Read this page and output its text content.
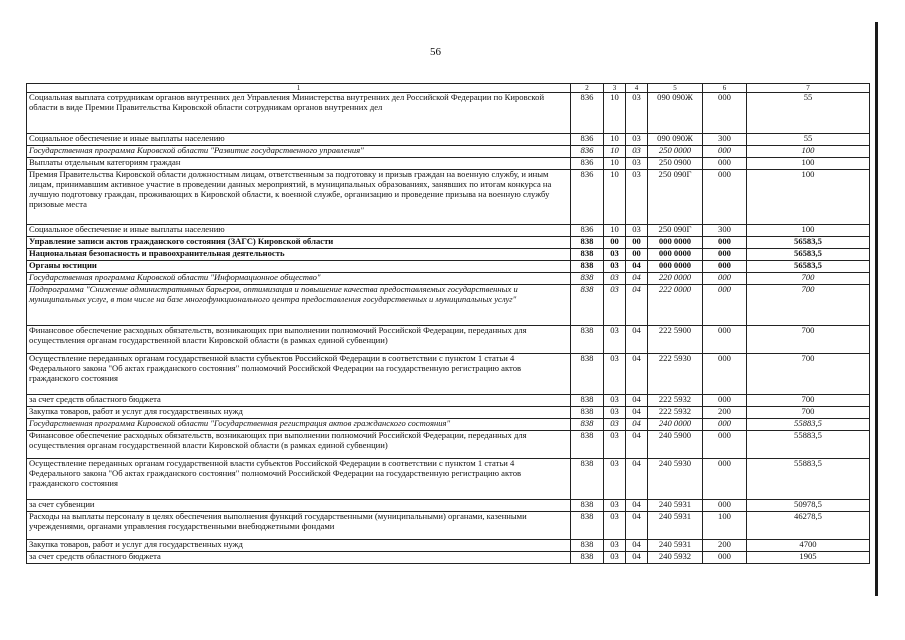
56
1	2	3	4	5	6	7
Социальная выплата сотрудникам органов внутренних дел Управления Министерства внутренних дел Российской Федерации по Кировской области в виде Премии Правительства Кировской области сотрудникам органов внутренних дел	836	10	03	090 090Ж	000	55
Социальное обеспечение и иные выплаты населению	836	10	03	090 090Ж	300	55
Государственная программа Кировской области "Развитие государственного управления"	836	10	03	250 0000	000	100
Выплаты отдельным категориям граждан	836	10	03	250 0900	000	100
Премия Правительства Кировской области должностным лицам, ответственным за подготовку и призыв граждан на военную службу, и иным лицам, принимавшим активное участие в проведении данных мероприятий, в муниципальных образованиях, занявших по итогам конкурса на лучшую подготовку граждан, проживающих в Кировской области, к военной службе, организацию и проведение призыва на военную службу призовые места	836	10	03	250 090Г	000	100
Социальное обеспечение и иные выплаты населению	836	10	03	250 090Г	300	100
Управление записи актов гражданского состояния (ЗАГС) Кировской области	838	00	00	000 0000	000	56583,5
Национальная безопасность и правоохранительная деятельность	838	03	00	000 0000	000	56583,5
Органы юстиции	838	03	04	000 0000	000	56583,5
Государственная программа Кировской области "Информационное общество"	838	03	04	220 0000	000	700
Подпрограмма "Снижение административных барьеров, оптимизация и повышение качества предоставляемых государственных и муниципальных услуг, в том числе на базе многофункционального центра предоставления государственных и муниципальных услуг"	838	03	04	222 0000	000	700
Финансовое обеспечение расходных обязательств, возникающих при выполнении полномочий Российской Федерации, переданных для осуществления органам государственной власти Кировской области (в рамках единой субвенции)	838	03	04	222 5900	000	700
Осуществление переданных органам государственной власти субъектов Российской Федерации в соответствии с пунктом 1 статьи 4 Федерального закона "Об актах гражданского состояния" полномочий Российской Федерации на государственную регистрацию актов гражданского состояния	838	03	04	222 5930	000	700
за счет средств областного бюджета	838	03	04	222 5932	000	700
Закупка товаров, работ и услуг для государственных нужд	838	03	04	222 5932	200	700
Государственная программа Кировской области "Государственная регистрация актов гражданского состояния"	838	03	04	240 0000	000	55883,5
Финансовое обеспечение расходных обязательств, возникающих при выполнении полномочий Российской Федерации, переданных для осуществления органам государственной власти Кировской области (в рамках единой субвенции)	838	03	04	240 5900	000	55883,5
Осуществление переданных органам государственной власти субъектов Российской Федерации в соответствии с пунктом 1 статьи 4 Федерального закона "Об актах гражданского состояния" полномочий Российской Федерации на государственную регистрацию актов гражданского состояния	838	03	04	240 5930	000	55883,5
за счет субвенции	838	03	04	240 5931	000	50978,5
Расходы на выплаты персоналу в целях обеспечения выполнения функций государственными (муниципальными) органами, казенными учреждениями, органами управления государственными внебюджетными фондами	838	03	04	240 5931	100	46278,5
Закупка товаров, работ и услуг для государственных нужд	838	03	04	240 5931	200	4700
за счет средств областного бюджета	838	03	04	240 5932	000	1905
